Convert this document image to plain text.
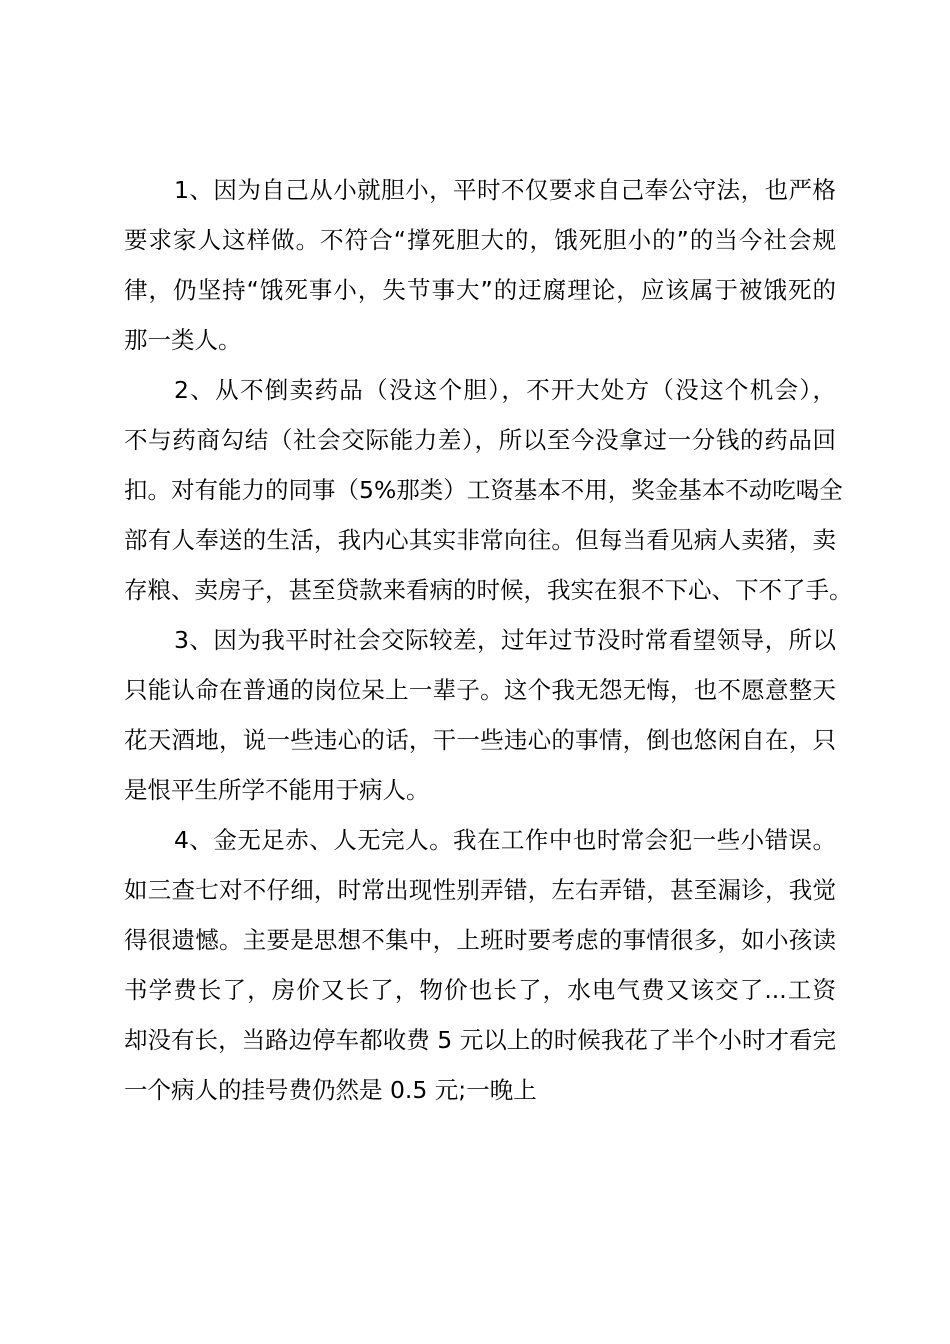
1、因为自己从小就胆小，平时不仅要求自己奉公守法，也严格
要求家人这样做。不符合“撑死胆大的，饿死胆小的”的当今社会规
律，仍坚持“饿死事小，失节事大”的迂腐理论，应该属于被饿死的
那一类人。

2、从不倒卖药品（没这个胆），不开大处方（没这个机会），
不与药商勾结（社会交际能力差），所以至今没拿过一分钱的药品回
扣。对有能力的同事（5%那类）工资基本不用，奖金基本不动吃喝全
部有人奉送的生活，我内心其实非常向往。但每当看见病人卖猪，卖
存粮、卖房子，甚至贷款来看病的时候，我实在狠不下心、下不了手。

3、因为我平时社会交际较差，过年过节没时常看望领导，所以
只能认命在普通的岗位呆上一辈子。这个我无怨无悔，也不愿意整天
花天酒地，说一些违心的话，干一些违心的事情，倒也悠闲自在，只
是恨平生所学不能用于病人。

4、金无足赤、人无完人。我在工作中也时常会犯一些小错误。
如三查七对不仔细，时常出现性别弄错，左右弄错，甚至漏诊，我觉
得很遗憾。主要是思想不集中，上班时要考虑的事情很多，如小孩读
书学费长了，房价又长了，物价也长了，水电气费又该交了...工资
却没有长，当路边停车都收费 5 元以上的时候我花了半个小时才看完
一个病人的挂号费仍然是 0.5 元;一晚上
